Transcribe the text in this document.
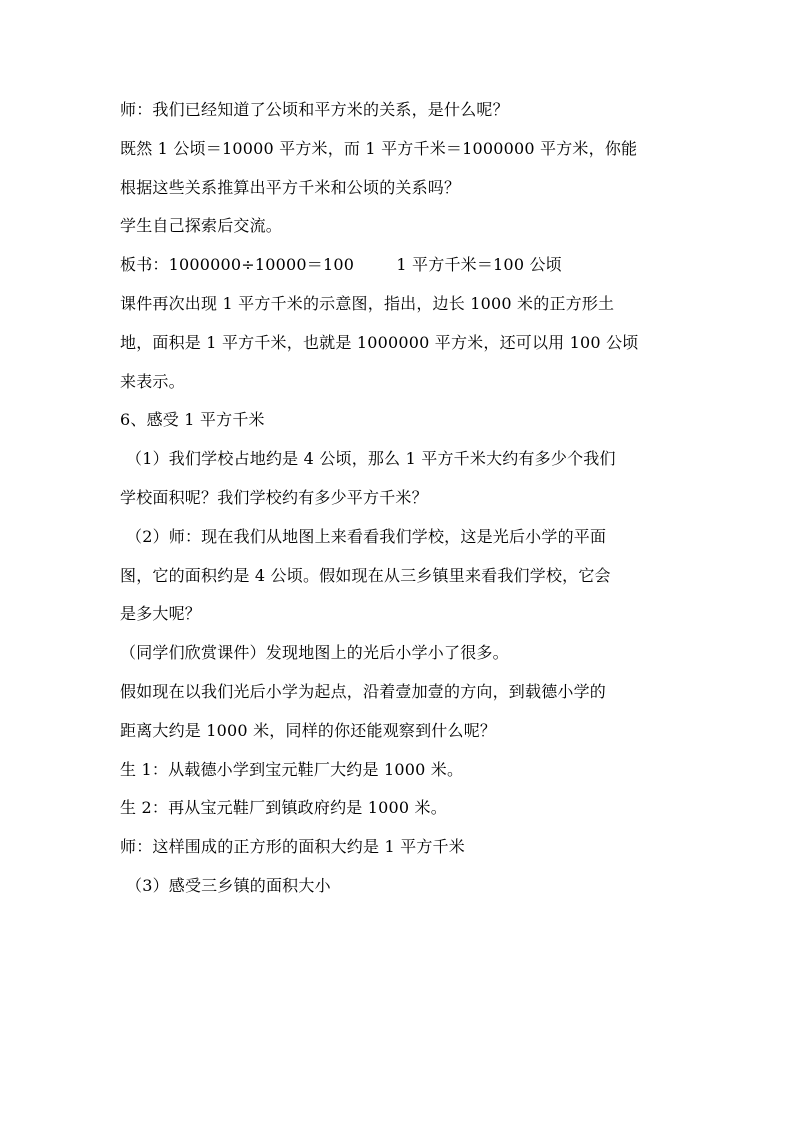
师：我们已经知道了公顷和平方米的关系，是什么呢？
既然 1 公顷＝10000 平方米，而 1 平方千米＝1000000 平方米，你能
根据这些关系推算出平方千米和公顷的关系吗？
学生自己探索后交流。
板书：1000000÷10000＝100        1 平方千米＝100 公顷
课件再次出现 1 平方千米的示意图，指出，边长 1000 米的正方形土
地，面积是 1 平方千米，也就是 1000000 平方米，还可以用 100 公顷
来表示。
6、感受 1 平方千米
（1）我们学校占地约是 4 公顷，那么 1 平方千米大约有多少个我们
学校面积呢？我们学校约有多少平方千米？
（2）师：现在我们从地图上来看看我们学校，这是光后小学的平面
图，它的面积约是 4 公顷。假如现在从三乡镇里来看我们学校，它会
是多大呢？
（同学们欣赏课件）发现地图上的光后小学小了很多。
假如现在以我们光后小学为起点，沿着壹加壹的方向，到载德小学的
距离大约是 1000 米，同样的你还能观察到什么呢？
生 1：从载德小学到宝元鞋厂大约是 1000 米。
生 2：再从宝元鞋厂到镇政府约是 1000 米。
师：这样围成的正方形的面积大约是 1 平方千米
（3）感受三乡镇的面积大小
